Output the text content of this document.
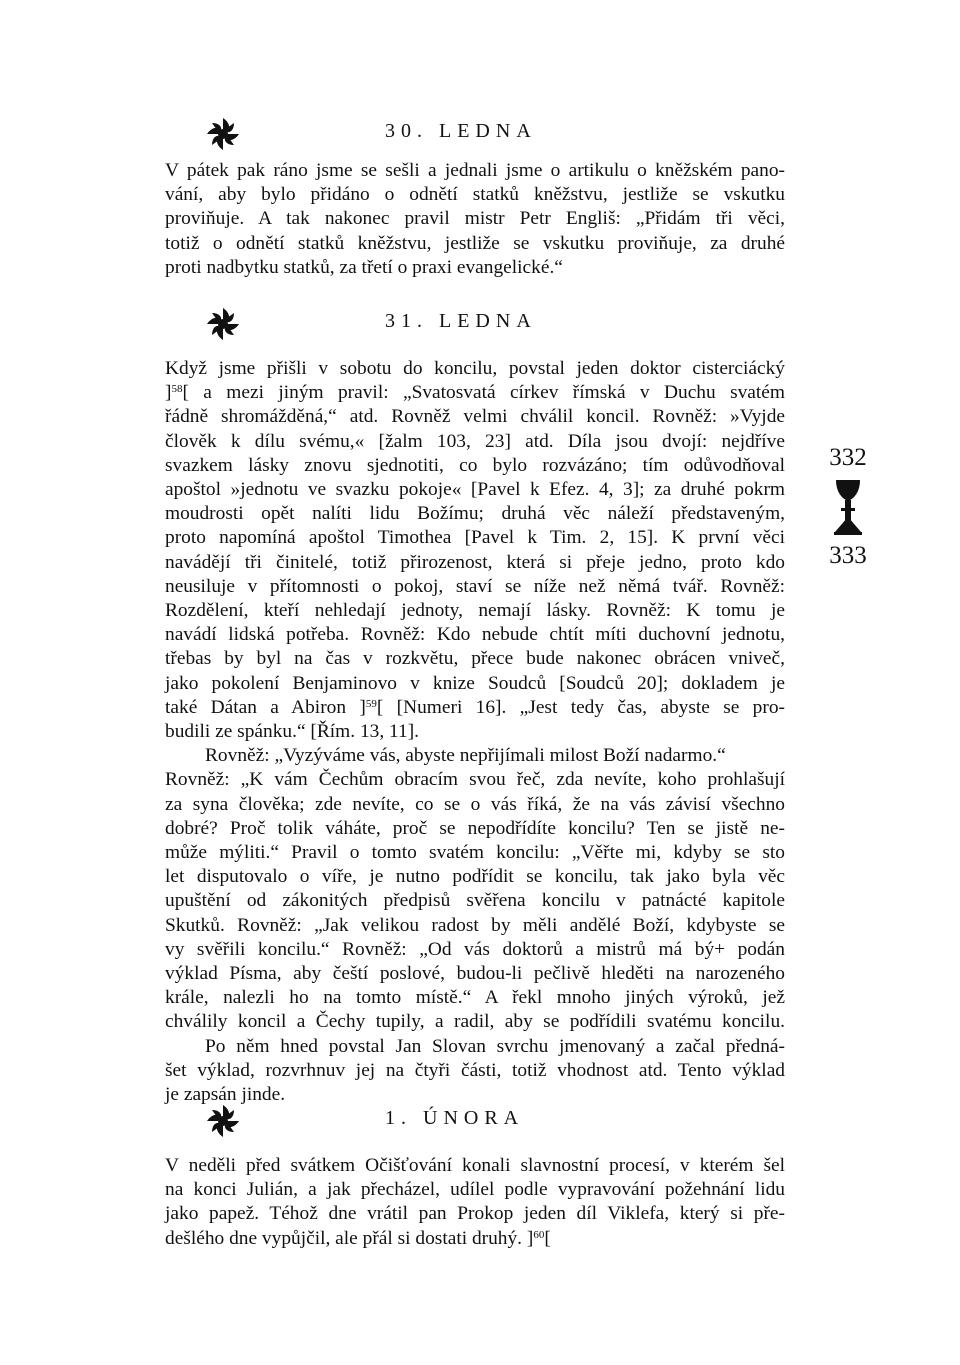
30. LEDNA
V pátek pak ráno jsme se sešli a jednali jsme o artikulu o kněžském pano-
vání, aby bylo přidáno o odnětí statků kněžstvu, jestliže se vskutku
proviňuje. A tak nakonec pravil mistr Petr Engliš: „Přidám tři věci,
totiž o odnětí statků kněžstvu, jestliže se vskutku proviňuje, za druhé
proti nadbytku statků, za třetí o praxi evangelické.“
31. LEDNA
Když jsme přišli v sobotu do koncilu, povstal jeden doktor cisterciácký
]$^{58}$[ a mezi jiným pravil: „Svatosvatá církev římská v Duchu svatém
řádně shromážděná,“ atd. Rovněž velmi chválil koncil. Rovněž: »Vyjde
člověk k dílu svému,« [žalm 103, 23] atd. Díla jsou dvojí: nejdříve
svazkem lásky znovu sjednotiti, co bylo rozvázáno; tím odůvodňoval
apoštol »jednotu ve svazku pokoje« [Pavel k Efez. 4, 3]; za druhé pokrm
moudrosti opět nalíti lidu Božímu; druhá věc náleží představeným,
proto napomíná apoštol Timothea [Pavel k Tim. 2, 15]. K první věci
navádějí tři činitelé, totiž přirozenost, která si přeje jedno, proto kdo
neusiluje v přítomnosti o pokoj, staví se níže než němá tvář. Rovněž:
Rozdělení, kteří nehledají jednoty, nemají lásky. Rovněž: K tomu je
navádí lidská potřeba. Rovněž: Kdo nebude chtít míti duchovní jednotu,
třebas by byl na čas v rozkvětu, přece bude nakonec obrácen vniveč,
jako pokolení Benjaminovo v knize Soudců [Soudců 20]; dokladem je
také Dátan a Abiron ]$^{59}$[ [Numeri 16]. „Jest tedy čas, abyste se pro-
budili ze spánku.“ [Řím. 13, 11].
Rovněž: „Vyzýváme vás, abyste nepřijímali milost Boží nadarmo.“
Rovněž: „K vám Čechům obracím svou řeč, zda nevíte, koho prohlašují
za syna člověka; zde nevíte, co se o vás říká, že na vás závisí všechno
dobré? Proč tolik váháte, proč se nepodřídíte koncilu? Ten se jistě ne-
může mýliti.“ Pravil o tomto svatém koncilu: „Věřte mi, kdyby se sto
let disputovalo o víře, je nutno podřídit se koncilu, tak jako byla věc
upuštění od zákonitých předpisů svěřena koncilu v patnácté kapitole
Skutků. Rovněž: „Jak velikou radost by měli andělé Boží, kdybyste se
vy svěřili koncilu.“ Rovněž: „Od vás doktorů a mistrů má bý+ podán
výklad Písma, aby čeští poslové, budou-li pečlivě hleděti na narozeného
krále, nalezli ho na tomto místě.“ A řekl mnoho jiných výroků, jež
chválily koncil a Čechy tupily, a radil, aby se podřídili svatému koncilu.
Po něm hned povstal Jan Slovan svrchu jmenovaný a začal předná-
šet výklad, rozvrhnuv jej na čtyři části, totiž vhodnost atd. Tento výklad
je zapsán jinde.
1. ÚNORA
V neděli před svátkem Očišťování konali slavnostní procesí, v kterém šel
na konci Julián, a jak přecházel, udílel podle vypravování požehnání lidu
jako papež. Téhož dne vrátil pan Prokop jeden díl Viklefa, který si pře-
dešlého dne vypůjčil, ale přál si dostati druhý. ]$^{60}$[
332
333
